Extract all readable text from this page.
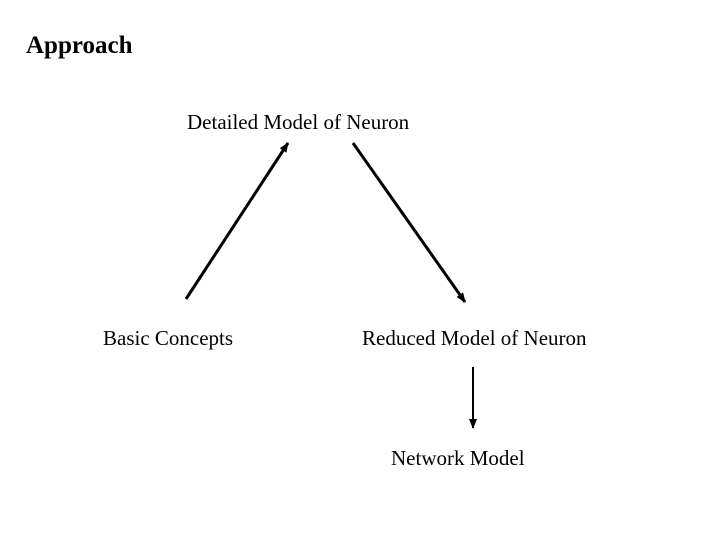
Approach
Detailed Model of Neuron
Basic Concepts	Reduced Model of Neuron
Network Model
